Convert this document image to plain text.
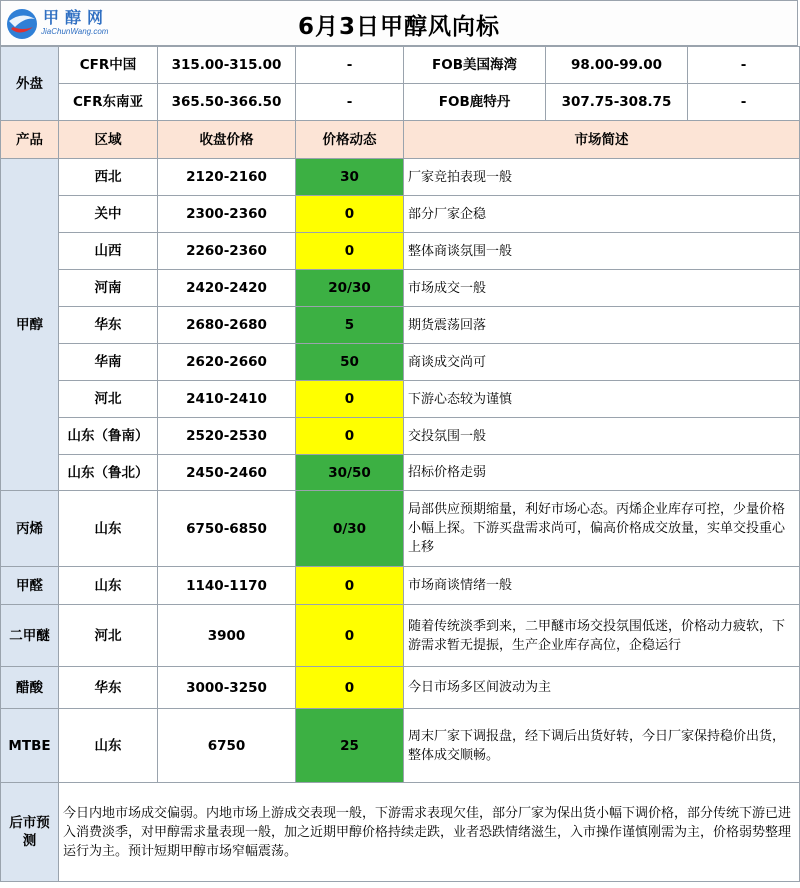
甲醇网
JiaChunWang.com	6月3日甲醇风向标
外盘	CFR中国	315.00-315.00	-	FOB美国海湾	98.00-99.00	-
	CFR东南亚	365.50-366.50	-	FOB鹿特丹	307.75-308.75	-
产品	区域	收盘价格	价格动态	市场简述		
甲醇	西北	2120-2160	30	厂家竞拍表现一般		
	关中	2300-2360	0	部分厂家企稳		
	山西	2260-2360	0	整体商谈氛围一般		
	河南	2420-2420	20/30	市场成交一般		
	华东	2680-2680	5	期货震荡回落		
	华南	2620-2660	50	商谈成交尚可		
	河北	2410-2410	0	下游心态较为谨慎		
	山东（鲁南）	2520-2530	0	交投氛围一般		
	山东（鲁北）	2450-2460	30/50	招标价格走弱		
丙烯	山东	6750-6850	0/30	局部供应预期缩量，利好市场心态。丙烯企业库存可控，少量价格小幅上探。下游买盘需求尚可，偏高价格成交放量，实单交投重心上移		
甲醛	山东	1140-1170	0	市场商谈情绪一般		
二甲醚	河北	3900	0	随着传统淡季到来，二甲醚市场交投氛围低迷，价格动力疲软，下游需求暂无提振，生产企业库存高位，企稳运行		
醋酸	华东	3000-3250	0	今日市场多区间波动为主		
MTBE	山东	6750	25	周末厂家下调报盘，经下调后出货好转，今日厂家保持稳价出货，整体成交顺畅。		
后市预测	今日内地市场成交偏弱。内地市场上游成交表现一般，下游需求表现欠佳，部分厂家为保出货小幅下调价格，部分传统下游已进入消费淡季，对甲醇需求量表现一般，加之近期甲醇价格持续走跌，业者恐跌情绪滋生，入市操作谨慎刚需为主，价格弱势整理运行为主。预计短期甲醇市场窄幅震荡。					
